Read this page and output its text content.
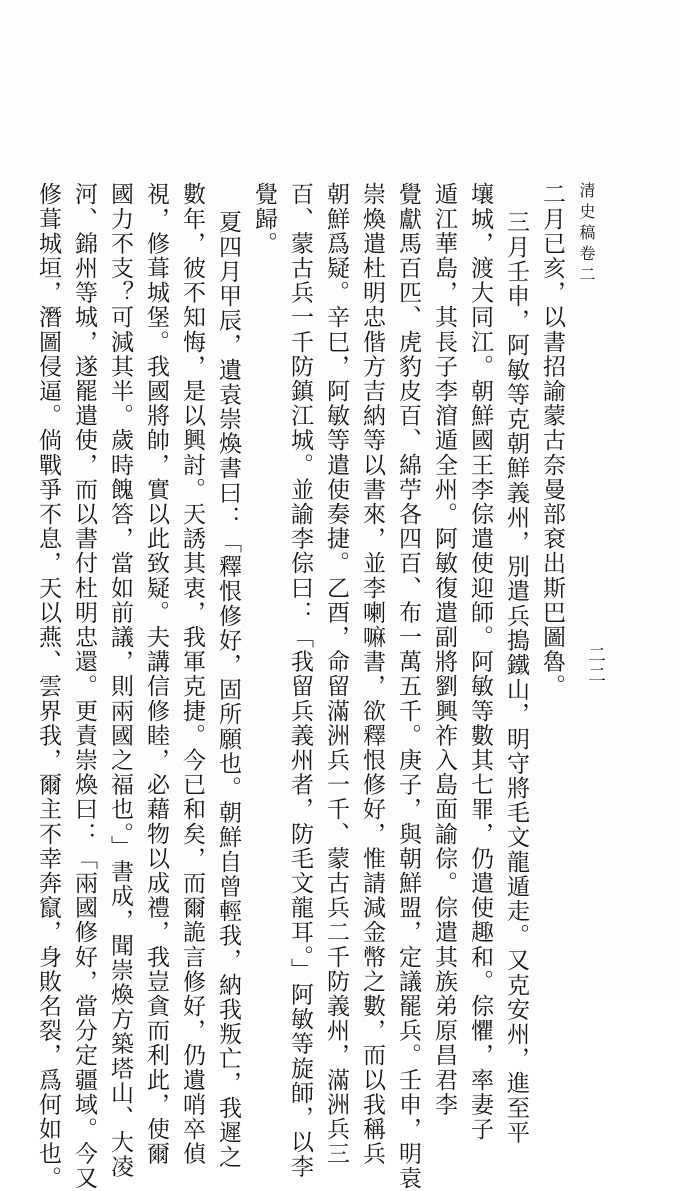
清史稿卷二
二二
二月已亥，以書招諭蒙古奈曼部袞出斯巴圖魯。
三月壬申，阿敏等克朝鮮義州，別遣兵搗鐵山，明守將毛文龍遁走。又克安州，進至平
壤城，渡大同江。朝鮮國王李倧遣使迎師。阿敏等數其七罪，仍遣使趣和。倧懼，率妻子
遁江華島，其長子李㴭遁全州。阿敏復遣副將劉興祚入島面諭倧。倧遣其族弟原昌君李
覺獻馬百匹、虎豹皮百、綿苧各四百、布一萬五千。庚子，與朝鮮盟，定議罷兵。壬申，明袁
崇煥遣杜明忠偕方吉納等以書來，並李喇嘛書，欲釋恨修好，惟請減金幣之數，而以我稱兵
朝鮮爲疑。辛巳，阿敏等遣使奏捷。乙酉，命留滿洲兵一千、蒙古兵二千防義州，滿洲兵三
百、蒙古兵一千防鎮江城。並諭李倧曰：「我留兵義州者，防毛文龍耳。」阿敏等旋師，以李
覺歸。
夏四月甲辰，遺袁崇煥書曰：「釋恨修好，固所願也。朝鮮自曾輕我，納我叛亡，我遲之
數年，彼不知悔，是以興討。天誘其衷，我軍克捷。今已和矣，而爾詭言修好，仍遺哨卒偵
視，修葺城堡。我國將帥，實以此致疑。夫講信修睦，必藉物以成禮，我豈貪而利此，使爾
國力不支？可減其半。歲時餽答，當如前議，則兩國之福也。」書成，聞崇煥方築塔山、大凌
河、錦州等城，遂罷遣使，而以書付杜明忠還。更責崇煥曰：「兩國修好，當分定疆域。今又
修葺城垣，潛圖侵逼。倘戰爭不息，天以燕、雲界我，爾主不幸奔竄，身敗名裂，爲何如也。
